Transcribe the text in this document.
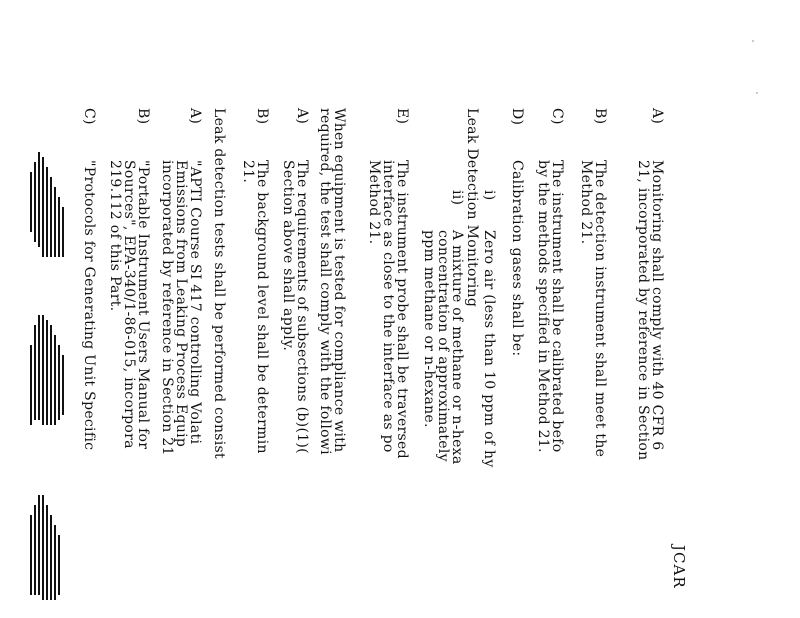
JCAR
Leak Detection Monitoring	A)
Monitoring shall comply with 40 CFR 6
21, incorporated by reference in Section
B)
The detection instrument shall meet the
Method 21.
C)
The instrument shall be calibrated befo
by the methods specified in Method 21.
D)
Calibration gases shall be:
i)
Zero air (less than 10 ppm of hy
ii)
A mixture of methane or n-hexa
concentration of approximately
ppm methane or n-hexane.
E)
The instrument probe shall be traversed
interface as close to the interface as po
Method 21.
When equipment is tested for compliance with
required, the test shall comply with the followi
A)
The requirements of subsections (b)(1)(
Section above shall apply.
B)
The background level shall be determin
21.
Leak detection tests shall be performed consist
A)
"APTI Course SI 417 controlling Volati
Emissions from Leaking Process Equip
incorporated by reference in Section 21
B)
"Portable Instrument Users Manual for
Sources", EPA-340/1-86-015, incorpora
219.112 of this Part.
C)
"Protocols for Generating Unit Specific
